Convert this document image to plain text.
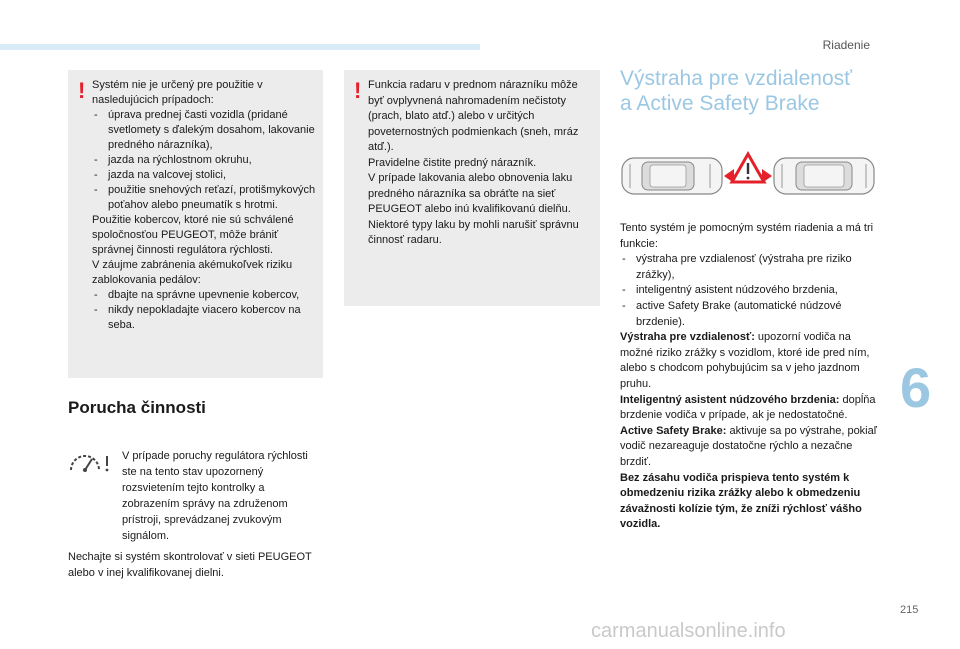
Riadenie
! Systém nie je určený pre použitie v nasledujúcich prípadoch:

- úprava prednej časti vozidla (pridané svetlomety s ďalekým dosahom, lakovanie predného nárazníka),
- jazda na rýchlostnom okruhu,
- jazda na valcovej stolici,
- použitie snehových reťazí, protišmykových poťahov alebo pneumatík s hrotmi.

Použitie kobercov, ktoré nie sú schválené spoločnosťou PEUGEOT, môže brániť správnej činnosti regulátora rýchlosti.

V záujme zabránenia akémukoľvek riziku zablokovania pedálov:

- dbajte na správne upevnenie kobercov,
- nikdy nepokladajte viacero kobercov na seba.
! Funkcia radaru v prednom nárazníku môže byť ovplyvnená nahromadením nečistoty (prach, blato atď.) alebo v určitých poveternostných podmienkach (sneh, mráz atď.).

Pravidelne čistite predný nárazník.

V prípade lakovania alebo obnovenia laku predného nárazníka sa obráťte na sieť PEUGEOT alebo inú kvalifikovanú dielňu. Niektoré typy laku by mohli narušiť správnu činnosť radaru.

Porucha činnosti

V prípade poruchy regulátora rýchlosti ste na tento stav upozornený rozsvietením tejto kontrolky a zobrazením správy na združenom prístroji, sprevádzanej zvukovým signálom.

Nechajte si systém skontrolovať v sieti PEUGEOT alebo v inej kvalifikovanej dielni.

Výstraha pre vzdialenosť
a Active Safety Brake

Tento systém je pomocným systém riadenia a má tri funkcie:

- výstraha pre vzdialenosť (výstraha pre riziko zrážky),
- inteligentný asistent núdzového brzdenia,
- active Safety Brake (automatické núdzové brzdenie).

Výstraha pre vzdialenosť: upozorní vodiča na možné riziko zrážky s vozidlom, ktoré ide pred ním, alebo s chodcom pohybujúcim sa v jeho jazdnom pruhu.

Inteligentný asistent núdzového brzdenia: dopĺňa brzdenie vodiča v prípade, ak je nedostatočné.

Active Safety Brake: aktivuje sa po výstrahe, pokiaľ vodič nezareaguje dostatočne rýchlo a nezačne brzdiť.

Bez zásahu vodiča prispieva tento systém k obmedzeniu rizika zrážky alebo k obmedzeniu závažnosti kolízie tým, že zníži rýchlosť vášho vozidla.

6
215
carmanualsonline.info
